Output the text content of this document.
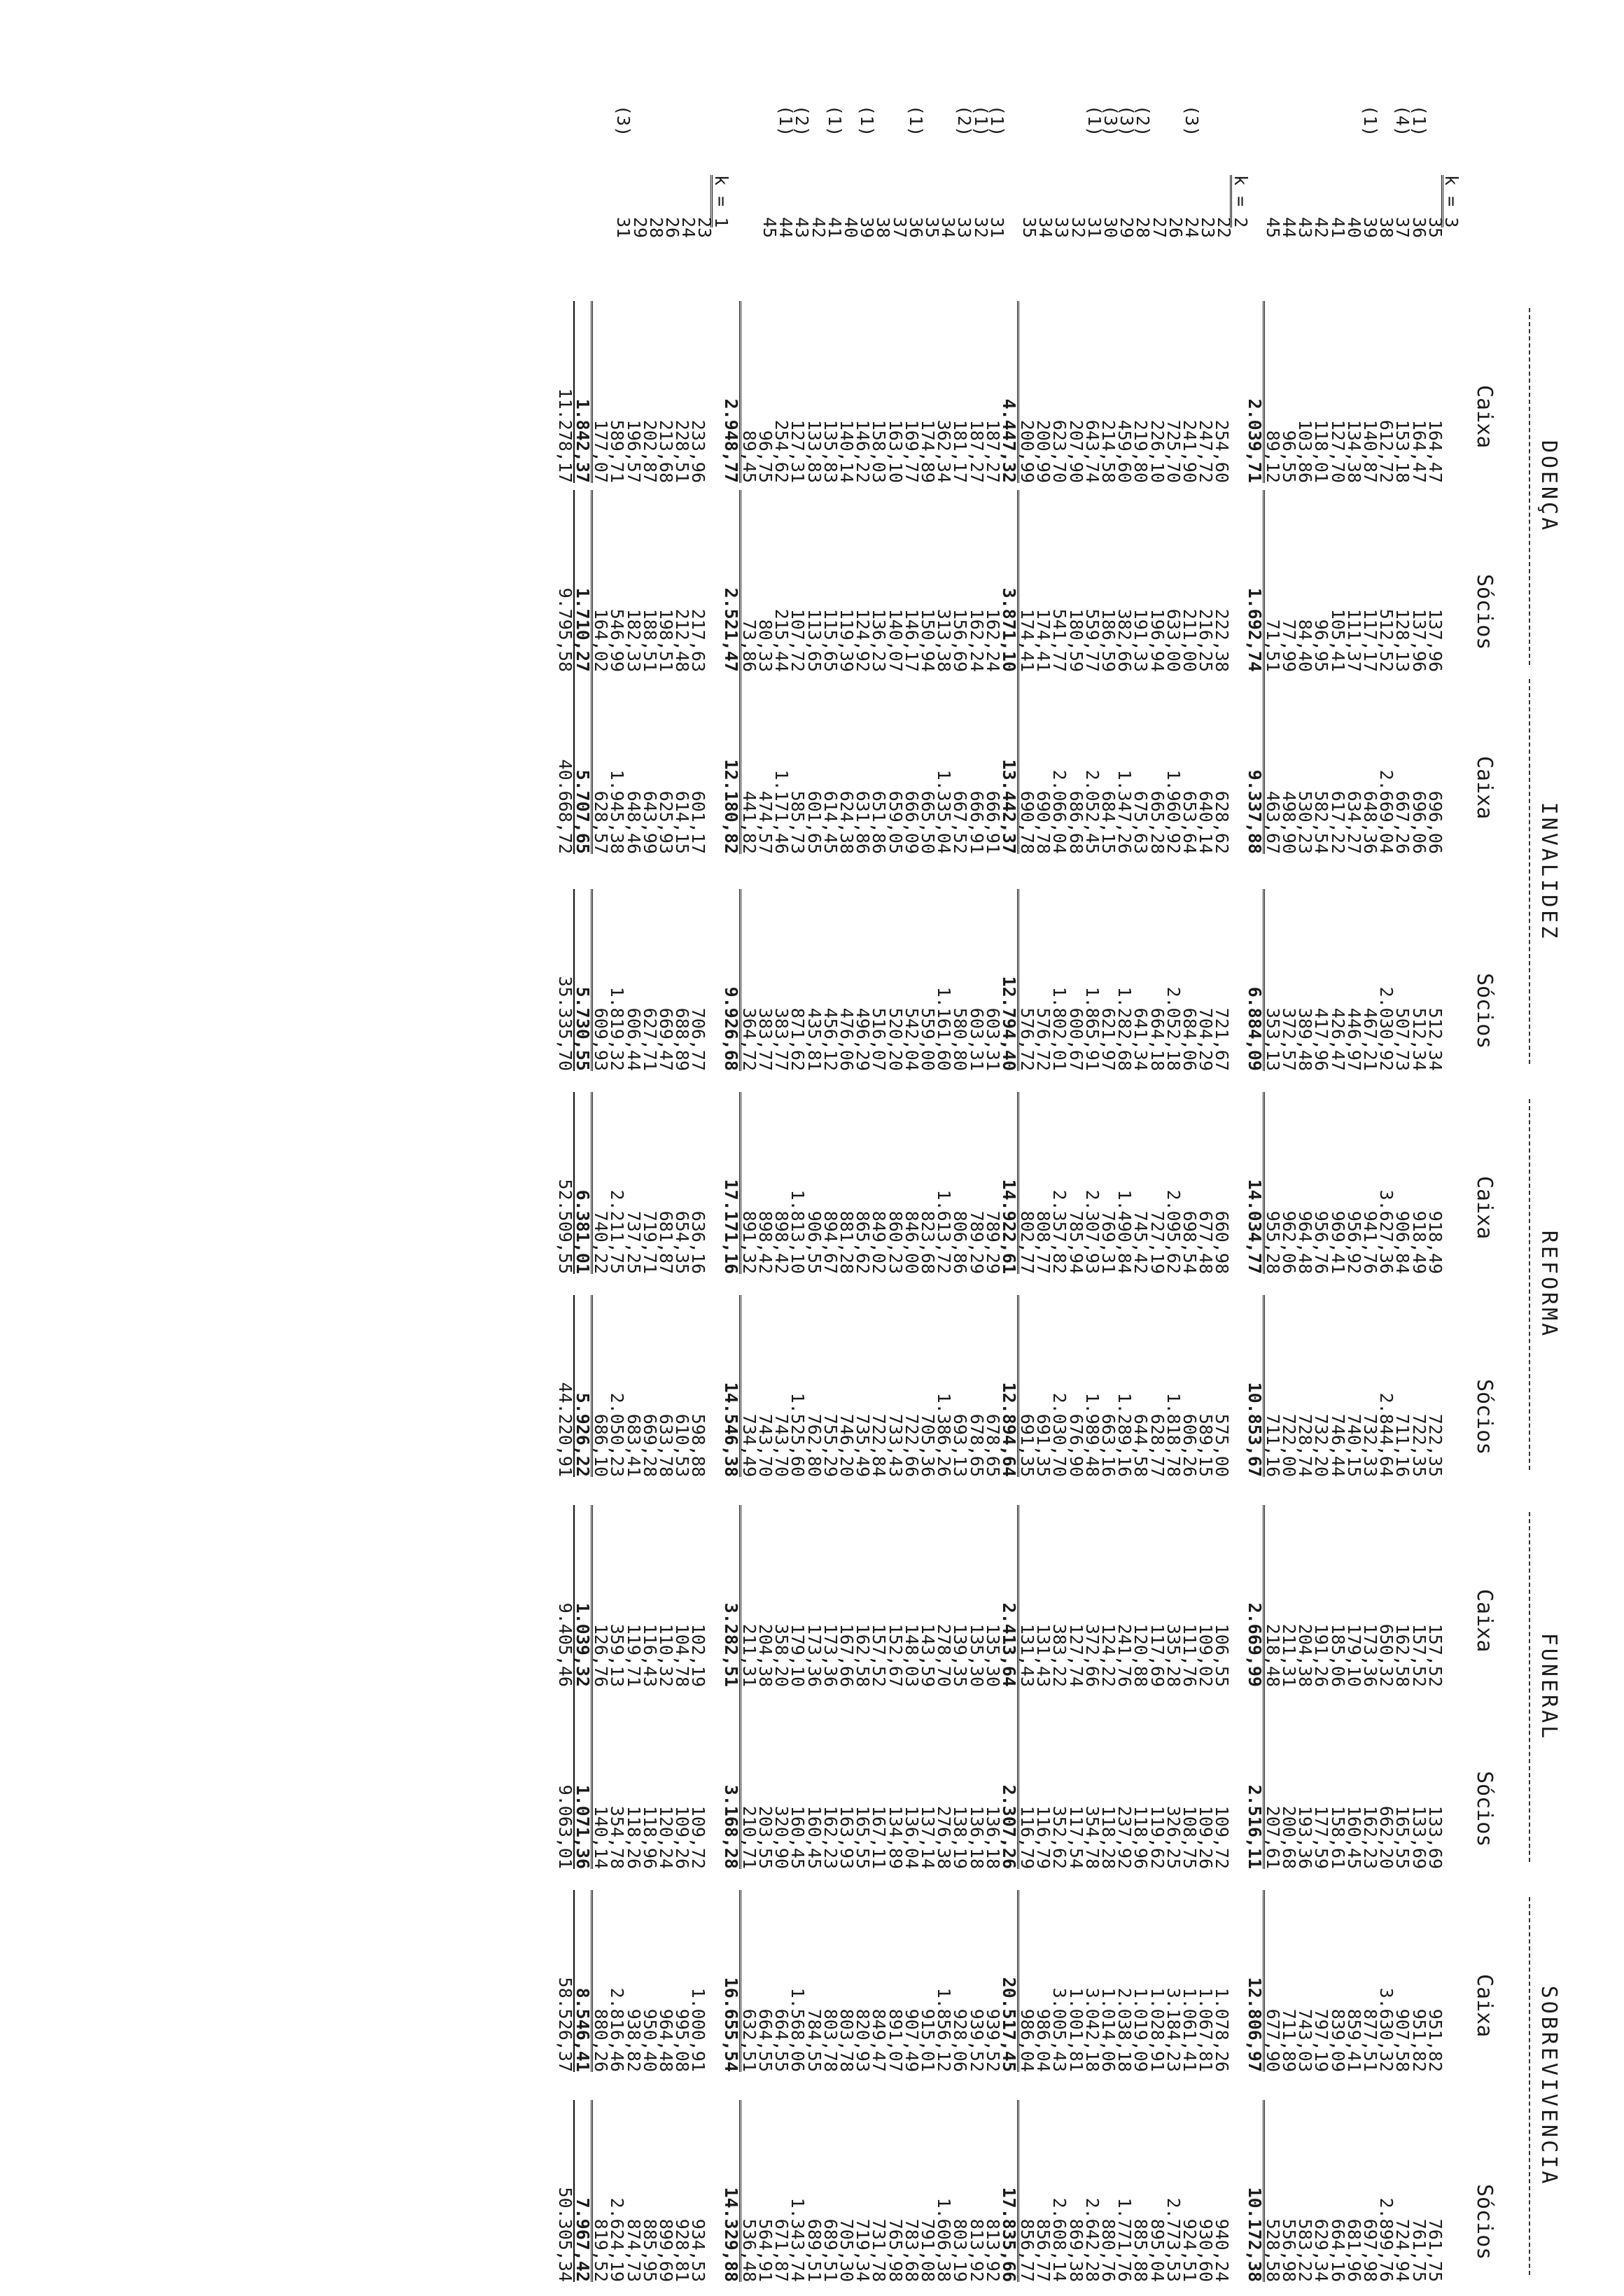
DOENÇA
Caixa
Sócios
INVALIDEZ
Caixa
Sócios
REFORMA
Caixa
Sócios
FUNERAL
Caixa
Sócios
SOBREVIVENCIA
Caixa
Sócios
k = 3
35
(1)
36
(4)
37
38
(1)
39
40
41
42
43
44
45
k = 2
22
23
(3)
24
26
27
(2)
28
(3)
29
(3)
30
(1)
31
32
33
34
35
(1)
31
(1)
32
(2)
33
34
35
(1)
36
37
38
(1)
39
40
(1)
41
42
(2)
43
(1)
44
45
k = 1
23
24
26
28
29
(3)
31
164,47
164,47
153,18
612,72
140,87
134,38
127,70
118,01
103,86
96,55
89,12
2.039,71
254,60
247,72
241,90
725,70
226,10
219,80
459,60
214,58
643,74
207,90
623,70
200,99
200,99
4.447,32
187,27
187,27
181,17
362,34
174,89
169,77
163,10
158,03
146,22
140,14
135,83
133,83
127,31
254,62
96,75
89,45
2.948,77
233,96
228,51
213,68
202,87
196,57
589,71
177,07
1.842,37
11.278,17
137,96
137,96
128,13
512,52
117,17
111,37
105,41
96,95
84,40
77,99
71,51
1.692,74
222,38
216,25
211,00
633,00
196,94
191,33
382,66
186,59
559,77
180,59
541,77
174,41
174,41
3.871,10
162,24
162,24
156,69
313,38
150,94
146,17
140,07
136,23
124,92
119,39
115,65
113,65
107,72
215,44
80,33
73,86
2.521,47
217,63
212,48
198,51
188,51
182,33
546,99
164,02
1.710,27
9.795,58
696,06
696,06
667,26
2.669,04
648,36
634,27
617,22
582,54
530,23
498,90
463,67
9.337,88
628,62
640,14
653,64
1.960,92
665,28
675,63
1.347,26
684,15
2.052,45
686,68
2.066,04
690,78
690,78
13.442,37
666,91
666,91
667,52
1.335,04
665,50
666,09
659,05
651,86
631,86
624,38
614,45
601,65
585,73
1.171,46
474,57
441,82
12.180,82
601,17
614,15
625,93
643,99
648,46
1.945,38
628,57
5.707,65
40.668,72
512,34
512,34
507,73
2.030,92
467,21
446,97
426,47
417,96
389,48
372,57
353,13
6.884,09
721,67
704,29
684,06
2.052,18
664,18
641,34
1.282,68
621,97
1.865,91
600,67
1.802,01
576,72
576,72
12.794,40
603,31
603,31
580,80
1.161,60
559,00
542,04
520,20
516,07
496,29
476,06
456,12
435,81
871,62
383,77
383,77
364,72
9.926,68
706,77
688,89
669,47
627,71
606,44
1.819,32
609,93
5.730,55
35.335,70
918,49
918,49
906,84
3.627,36
941,76
956,92
969,41
956,76
964,48
962,06
955,28
14.034,77
660,98
677,48
698,54
2.095,62
727,19
745,42
1.490,84
769,31
2.307,93
785,94
2.357,82
808,77
802,77
14.922,61
789,29
789,29
806,86
1.613,72
823,68
846,00
860,23
849,02
865,62
881,28
894,67
906,55
1.813,10
898,42
898,42
891,32
17.171,16
636,16
654,35
681,87
719,71
737,25
2.211,75
740,22
6.381,01
52.509,55
722,35
722,35
711,16
2.844,64
732,33
740,15
746,44
732,20
728,74
722,00
711,16
10.853,67
575,00
589,15
606,26
1.818,78
628,77
644,58
1.289,16
663,16
1.989,48
676,90
2.030,70
691,35
691,35
12.894,64
678,65
678,65
693,13
1.386,26
705,36
722,66
733,43
722,84
735,49
746,20
755,29
762,80
1.525,60
743,70
743,70
734,49
14.546,38
598,88
610,53
633,78
669,28
683,41
2.050,23
686,10
5.926,22
44.220,91
157,52
157,52
162,58
650,32
173,36
179,10
185,06
191,26
204,38
211,31
218,48
2.669,99
106,55
109,02
111,76
335,28
117,69
120,88
241,76
124,22
372,66
127,74
383,22
131,43
131,43
2.413,64
135,30
135,30
139,35
278,70
143,59
148,03
152,67
157,52
162,58
167,66
173,36
173,36
179,10
358,20
204,38
211,31
3.282,51
102,19
104,78
110,32
116,43
119,71
359,13
126,76
1.039,32
9.405,46
133,69
133,69
165,55
662,20
162,23
160,45
158,61
177,59
193,36
200,68
207,61
2.516,11
109,72
109,26
108,75
326,25
119,62
118,96
237,92
118,28
354,78
117,54
352,62
116,79
116,79
2.307,26
136,18
136,18
138,19
276,38
137,14
136,04
134,89
167,11
165,55
163,93
162,23
160,45
160,45
320,90
203,55
210,71
3.168,28
109,72
109,26
120,24
118,96
118,26
354,78
140,14
1.071,36
9.063,01
951,82
951,82
907,58
3.630,32
877,51
859,41
839,09
797,19
743,03
711,89
677,90
12.806,97
1.078,26
1.067,81
1.061,41
3.184,23
1.028,91
1.019,09
2.038,18
1.014,06
3.042,18
1.001,81
3.005,43
986,04
986,04
20.517,45
939,52
939,52
928,06
1.856,12
915,01
907,49
891,07
849,47
820,93
803,78
803,78
784,55
1.568,06
664,55
664,55
632,51
16.655,54
1.000,91
995,08
964,48
950,40
938,82
2.816,46
880,26
8.546,41
58.526,37
761,75
761,75
724,94
2.899,76
697,98
681,96
664,16
629,34
583,22
556,98
528,58
10.172,38
940,24
930,60
924,51
2.773,53
895,04
885,88
1.771,76
880,76
2.642,28
869,38
2.608,14
856,77
856,77
17.835,66
813,92
813,92
803,19
1.606,38
791,08
783,68
765,98
731,78
719,34
705,30
689,51
689,51
1.343,74
671,87
564,91
536,48
14.329,88
934,53
928,81
899,69
885,95
874,73
2.624,19
819,52
7.967,42
50.305,34
